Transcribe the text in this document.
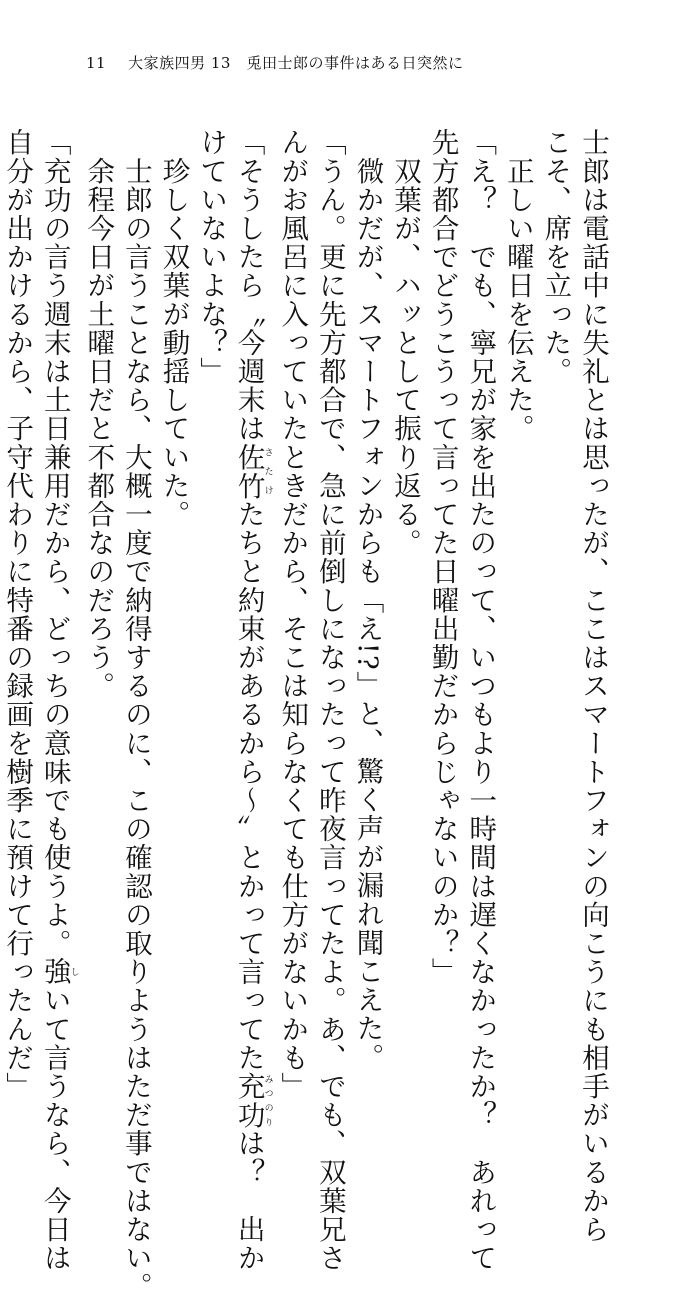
11 大家族四男 13　兎田士郎の事件はある日突然に

士郎は電話中に失礼とは思ったが、ここはスマートフォンの向こうにも相手がいるから

こそ、席を立った。

　正しい曜日を伝えた。

「え？　でも、寧兄が家を出たのって、いつもより一時間は遅くなかったか？　あれって

先方都合でどうこうって言ってた日曜出勤だからじゃないのか？」

　双葉が、ハッとして振り返る。

　微かだが、スマートフォンからも「え!?」と、驚く声が漏れ聞こえた。

「うん。更に先方都合で、急に前倒しになったって昨夜言ってたよ。あ、でも、双葉兄さ

んがお風呂に入っていたときだから、そこは知らなくても仕方がないかも」

「そうしたら〝今週末は佐竹さたけたちと約束があるから〜〟とかって言ってた充功みつのりは？　出か

けていないよな？」

　珍しく双葉が動揺していた。

　士郎の言うことなら、大概一度で納得するのに、この確認の取りようはただ事ではない。

　余程今日が土曜日だと不都合なのだろう。

「充功の言う週末は土日兼用だから、どっちの意味でも使うよ。強しいて言うなら、今日は

自分が出かけるから、子守代わりに特番の録画を樹季に預けて行ったんだ」
